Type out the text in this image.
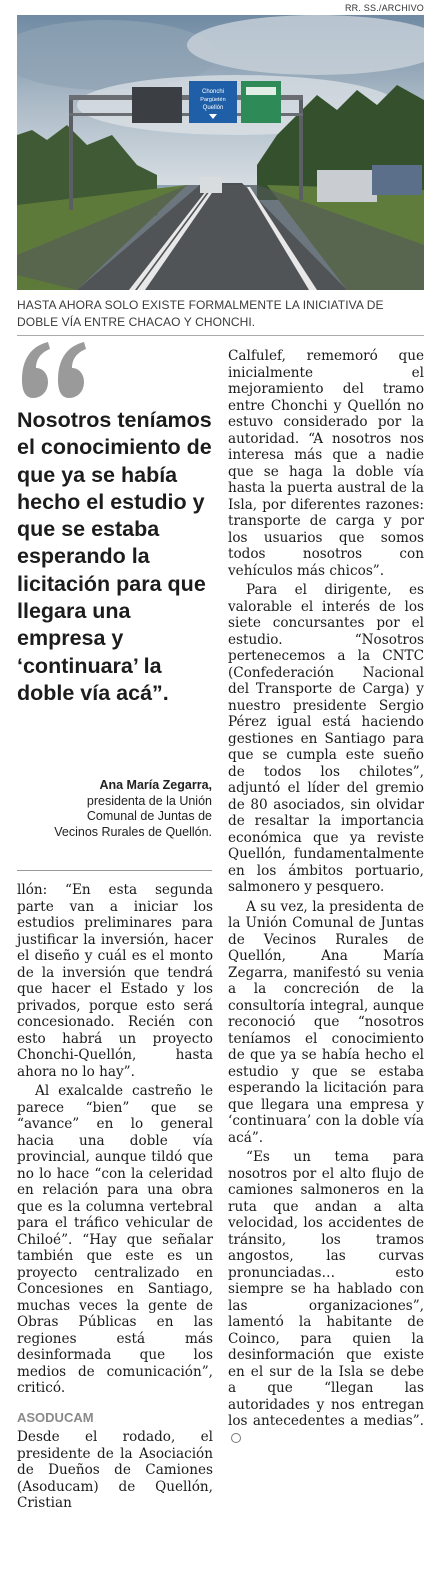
RR. SS./ARCHIVO
Chonchi
Pargüetén
Quellón
HASTA AHORA SOLO EXISTE FORMALMENTE LA INICIATIVA DE DOBLE VÍA ENTRE CHACAO Y CHONCHI.
Nosotros teníamos el conocimiento de que ya se había hecho el estudio y que se estaba esperando la licitación para que llegara una empresa y ‘continuara’ la doble vía acá”.
Ana María Zegarra,
presidenta de la Unión Comunal de Juntas de Vecinos Rurales de Quellón.

llón: “En esta segunda parte van a iniciar los estudios preliminares para justificar la inversión, hacer el diseño y cuál es el monto de la inversión que tendrá que hacer el Estado y los privados, porque esto será concesionado. Recién con esto habrá un proyecto Chonchi-Quellón, hasta ahora no lo hay”.

Al exalcalde castreño le parece “bien” que se “avance” en lo general hacia una doble vía provincial, aunque tildó que no lo hace “con la celeridad en relación para una obra que es la columna vertebral para el tráfico vehicular de Chiloé”. “Hay que señalar también que este es un proyecto centralizado en Concesiones en Santiago, muchas veces la gente de Obras Públicas en las regiones está más desinformada que los medios de comunicación”, criticó.

ASODUCAM

Desde el rodado, el presidente de la Asociación de Dueños de Camiones (Asoducam) de Quellón, Cristian

Calfulef, rememoró que inicialmente el mejoramiento del tramo entre Chonchi y Quellón no estuvo considerado por la autoridad. “A nosotros nos interesa más que a nadie que se haga la doble vía hasta la puerta austral de la Isla, por diferentes razones: transporte de carga y por los usuarios que somos todos nosotros con vehículos más chicos”.

Para el dirigente, es valorable el interés de los siete concursantes por el estudio. “Nosotros pertenecemos a la CNTC (Confederación Nacional del Transporte de Carga) y nuestro presidente Sergio Pérez igual está haciendo gestiones en Santiago para que se cumpla este sueño de todos los chilotes”, adjuntó el líder del gremio de 80 asociados, sin olvidar de resaltar la importancia económica que ya reviste Quellón, fundamentalmente en los ámbitos portuario, salmonero y pesquero.

A su vez, la presidenta de la Unión Comunal de Juntas de Vecinos Rurales de Quellón, Ana María Zegarra, manifestó su venia a la concreción de la consultoría integral, aunque reconoció que “nosotros teníamos el conocimiento de que ya se había hecho el estudio y que se estaba esperando la licitación para que llegara una empresa y ‘continuara’ con la doble vía acá”.

“Es un tema para nosotros por el alto flujo de camiones salmoneros en la ruta que andan a alta velocidad, los accidentes de tránsito, los tramos angostos, las curvas pronunciadas… esto siempre se ha hablado con las organizaciones”, lamentó la habitante de Coinco, para quien la desinformación que existe en el sur de la Isla se debe a que “llegan las autoridades y nos entregan los antecedentes a medias”.
